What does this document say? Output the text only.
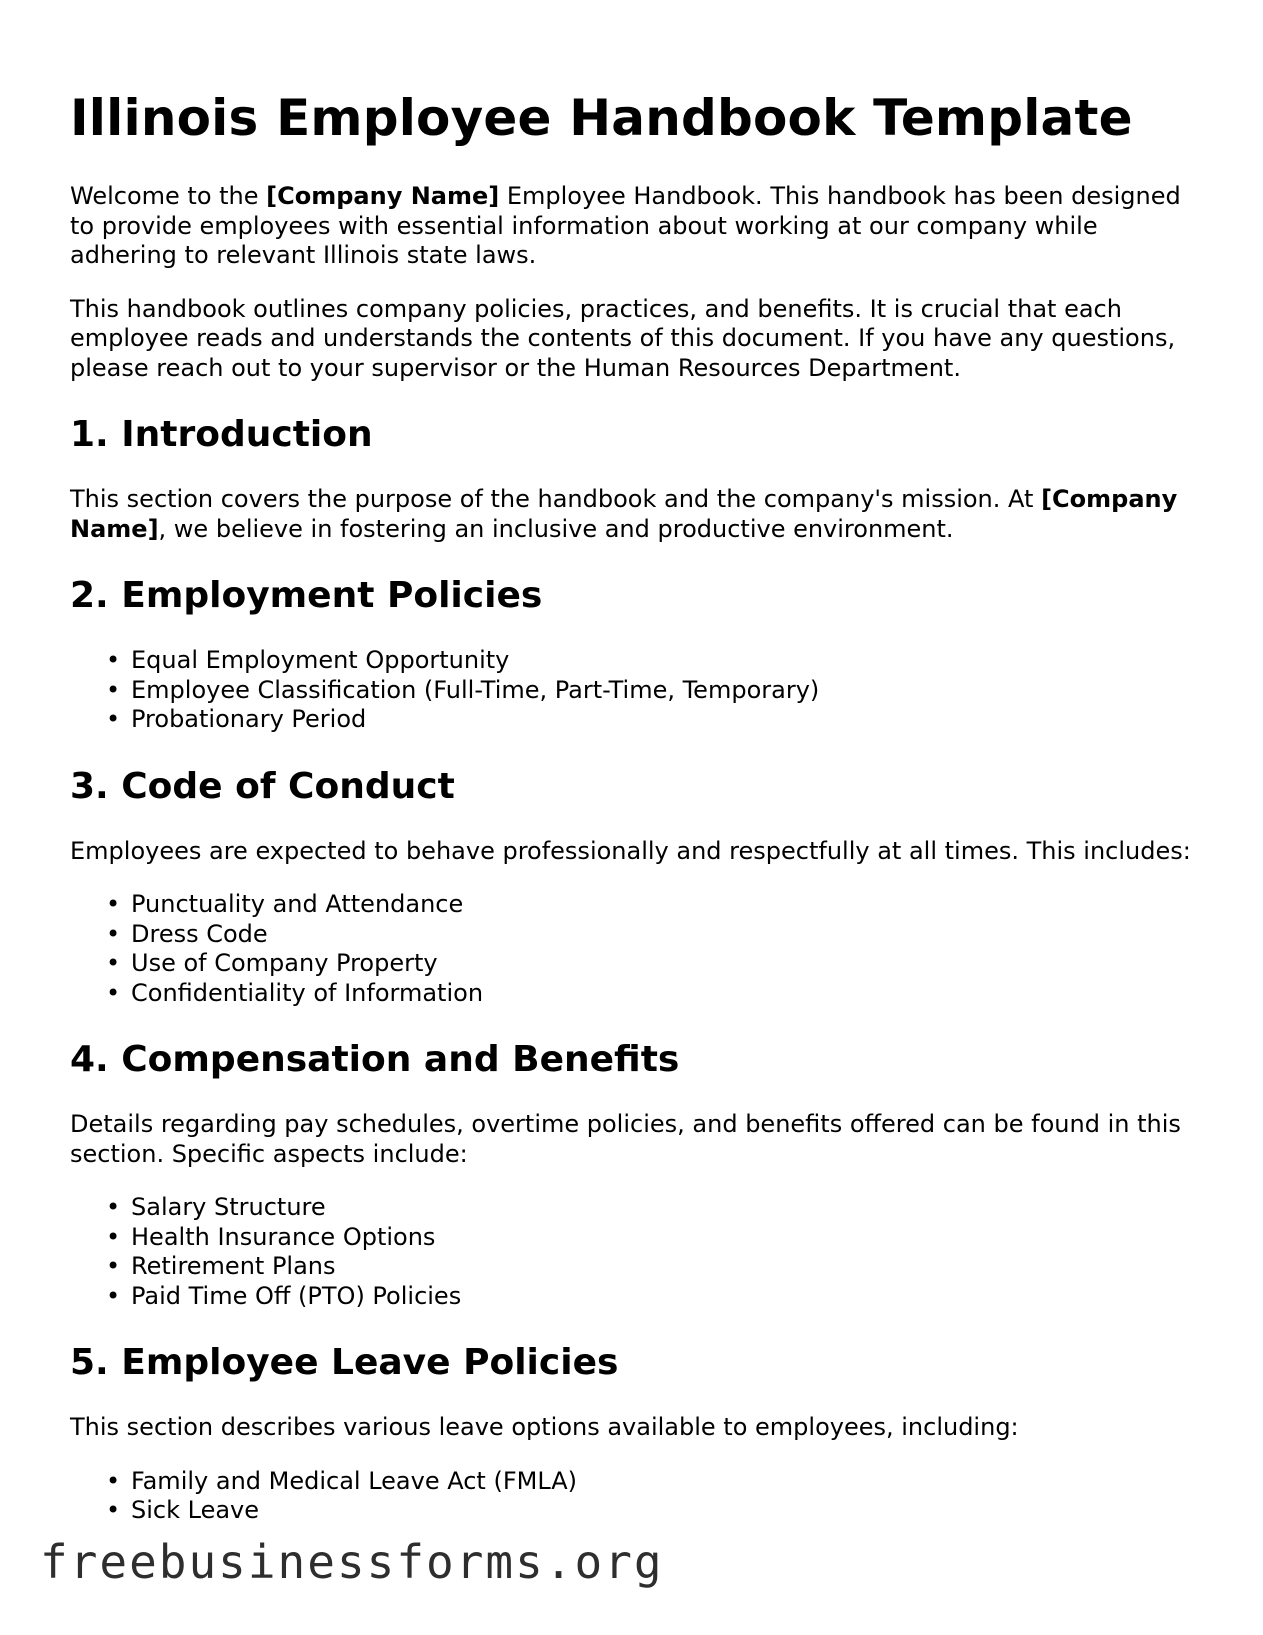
Illinois Employee Handbook Template

Welcome to the [Company Name] Employee Handbook. This handbook has been designed to provide employees with essential information about working at our company while adhering to relevant Illinois state laws.

This handbook outlines company policies, practices, and benefits. It is crucial that each employee reads and understands the contents of this document. If you have any questions, please reach out to your supervisor or the Human Resources Department.

1. Introduction

This section covers the purpose of the handbook and the company's mission. At [Company Name], we believe in fostering an inclusive and productive environment.

2. Employment Policies
• Equal Employment Opportunity
• Employee Classification (Full-Time, Part-Time, Temporary)
• Probationary Period
3. Code of Conduct

Employees are expected to behave professionally and respectfully at all times. This includes:

• Punctuality and Attendance
• Dress Code
• Use of Company Property
• Confidentiality of Information
4. Compensation and Benefits

Details regarding pay schedules, overtime policies, and benefits offered can be found in this section. Specific aspects include:

• Salary Structure
• Health Insurance Options
• Retirement Plans
• Paid Time Off (PTO) Policies
5. Employee Leave Policies

This section describes various leave options available to employees, including:

• Family and Medical Leave Act (FMLA)
• Sick Leave
freebusinessforms.org
